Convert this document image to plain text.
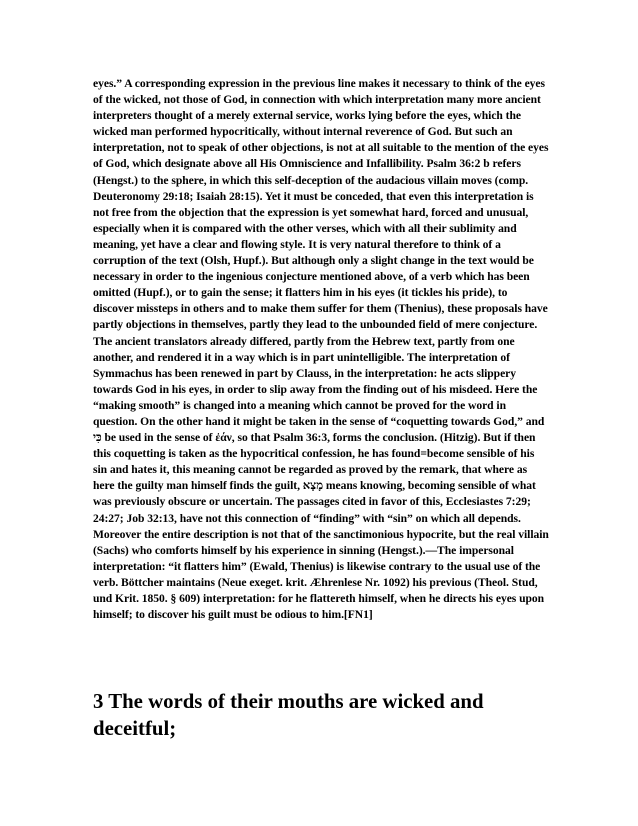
eyes.” A corresponding expression in the previous line makes it necessary to think of the eyes of the wicked, not those of God, in connection with which interpretation many more ancient interpreters thought of a merely external service, works lying before the eyes, which the wicked man performed hypocritically, without internal reverence of God. But such an interpretation, not to speak of other objections, is not at all suitable to the mention of the eyes of God, which designate above all His Omniscience and Infallibility. Psalm 36:2 b refers (Hengst.) to the sphere, in which this self-deception of the audacious villain moves (comp. Deuteronomy 29:18; Isaiah 28:15). Yet it must be conceded, that even this interpretation is not free from the objection that the expression is yet somewhat hard, forced and unusual, especially when it is compared with the other verses, which with all their sublimity and meaning, yet have a clear and flowing style. It is very natural therefore to think of a corruption of the text (Olsh, Hupf.). But although only a slight change in the text would be necessary in order to the ingenious conjecture mentioned above, of a verb which has been omitted (Hupf.), or to gain the sense; it flatters him in his eyes (it tickles his pride), to discover missteps in others and to make them suffer for them (Thenius), these proposals have partly objections in themselves, partly they lead to the unbounded field of mere conjecture. The ancient translators already differed, partly from the Hebrew text, partly from one another, and rendered it in a way which is in part unintelligible. The interpretation of Symmachus has been renewed in part by Clauss, in the interpretation: he acts slippery towards God in his eyes, in order to slip away from the finding out of his misdeed. Here the “making smooth” is changed into a meaning which cannot be proved for the word in question. On the other hand it might be taken in the sense of “coquetting towards God,” and כִּי be used in the sense of ἐάν, so that Psalm 36:3, forms the conclusion. (Hitzig). But if then this coquetting is taken as the hypocritical confession, he has found=become sensible of his sin and hates it, this meaning cannot be regarded as proved by the remark, that where as here the guilty man himself finds the guilt, מָצָא means knowing, becoming sensible of what was previously obscure or uncertain. The passages cited in favor of this, Ecclesiastes 7:29; 24:27; Job 32:13, have not this connection of “finding” with “sin” on which all depends. Moreover the entire description is not that of the sanctimonious hypocrite, but the real villain (Sachs) who comforts himself by his experience in sinning (Hengst.).—The impersonal interpretation: “it flatters him” (Ewald, Thenius) is likewise contrary to the usual use of the verb. Böttcher maintains (Neue exeget. krit. Ӕhrenlese Nr. 1092) his previous (Theol. Stud, und Krit. 1850. § 609) interpretation: for he flattereth himself, when he directs his eyes upon himself; to discover his guilt must be odious to him.[FN1]

3 The words of their mouths are wicked and deceitful;
